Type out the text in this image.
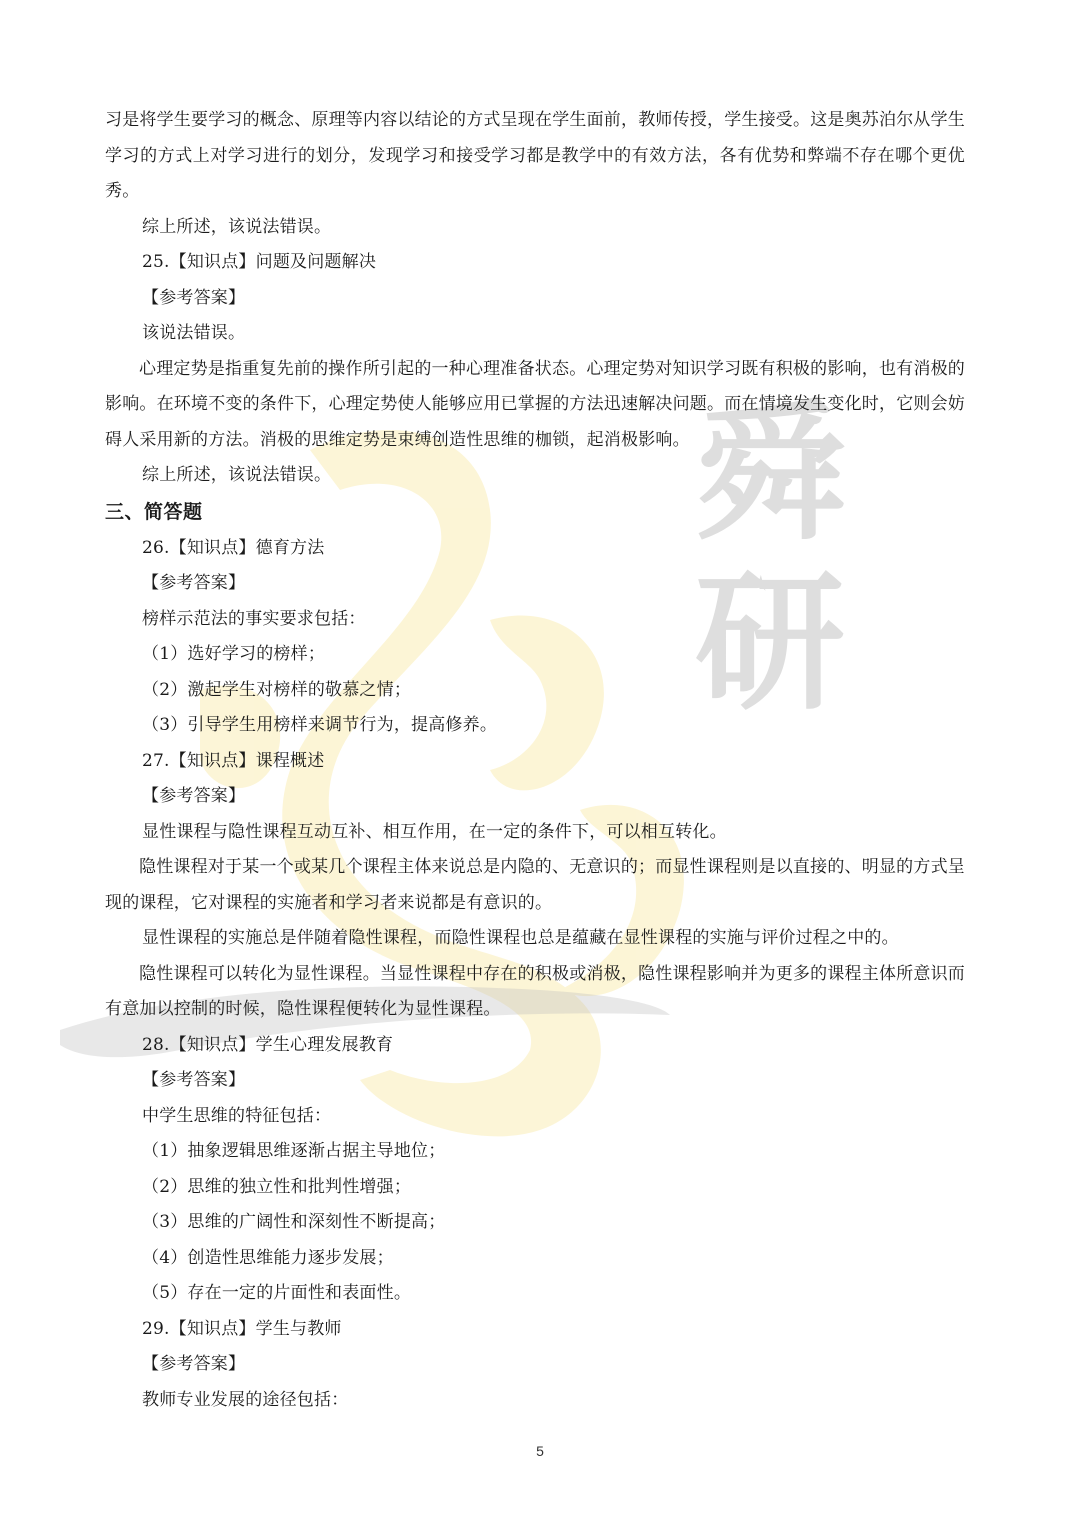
舜
研
习是将学生要学习的概念、原理等内容以结论的方式呈现在学生面前，教师传授，学生接受。这是奥苏泊尔从学生学习的方式上对学习进行的划分，发现学习和接受学习都是教学中的有效方法，各有优势和弊端不存在哪个更优秀。
综上所述，该说法错误。
25.【知识点】问题及问题解决
【参考答案】
该说法错误。
心理定势是指重复先前的操作所引起的一种心理准备状态。心理定势对知识学习既有积极的影响，也有消极的影响。在环境不变的条件下，心理定势使人能够应用已掌握的方法迅速解决问题。而在情境发生变化时，它则会妨碍人采用新的方法。消极的思维定势是束缚创造性思维的枷锁，起消极影响。
综上所述，该说法错误。
三、简答题
26.【知识点】德育方法
【参考答案】
榜样示范法的事实要求包括：
（1）选好学习的榜样；
（2）激起学生对榜样的敬慕之情；
（3）引导学生用榜样来调节行为，提高修养。
27.【知识点】课程概述
【参考答案】
显性课程与隐性课程互动互补、相互作用，在一定的条件下，可以相互转化。
隐性课程对于某一个或某几个课程主体来说总是内隐的、无意识的；而显性课程则是以直接的、明显的方式呈现的课程，它对课程的实施者和学习者来说都是有意识的。
显性课程的实施总是伴随着隐性课程，而隐性课程也总是蕴藏在显性课程的实施与评价过程之中的。
隐性课程可以转化为显性课程。当显性课程中存在的积极或消极，隐性课程影响并为更多的课程主体所意识而有意加以控制的时候，隐性课程便转化为显性课程。
28.【知识点】学生心理发展教育
【参考答案】
中学生思维的特征包括：
（1）抽象逻辑思维逐渐占据主导地位；
（2）思维的独立性和批判性增强；
（3）思维的广阔性和深刻性不断提高；
（4）创造性思维能力逐步发展；
（5）存在一定的片面性和表面性。
29.【知识点】学生与教师
【参考答案】
教师专业发展的途径包括：
5
